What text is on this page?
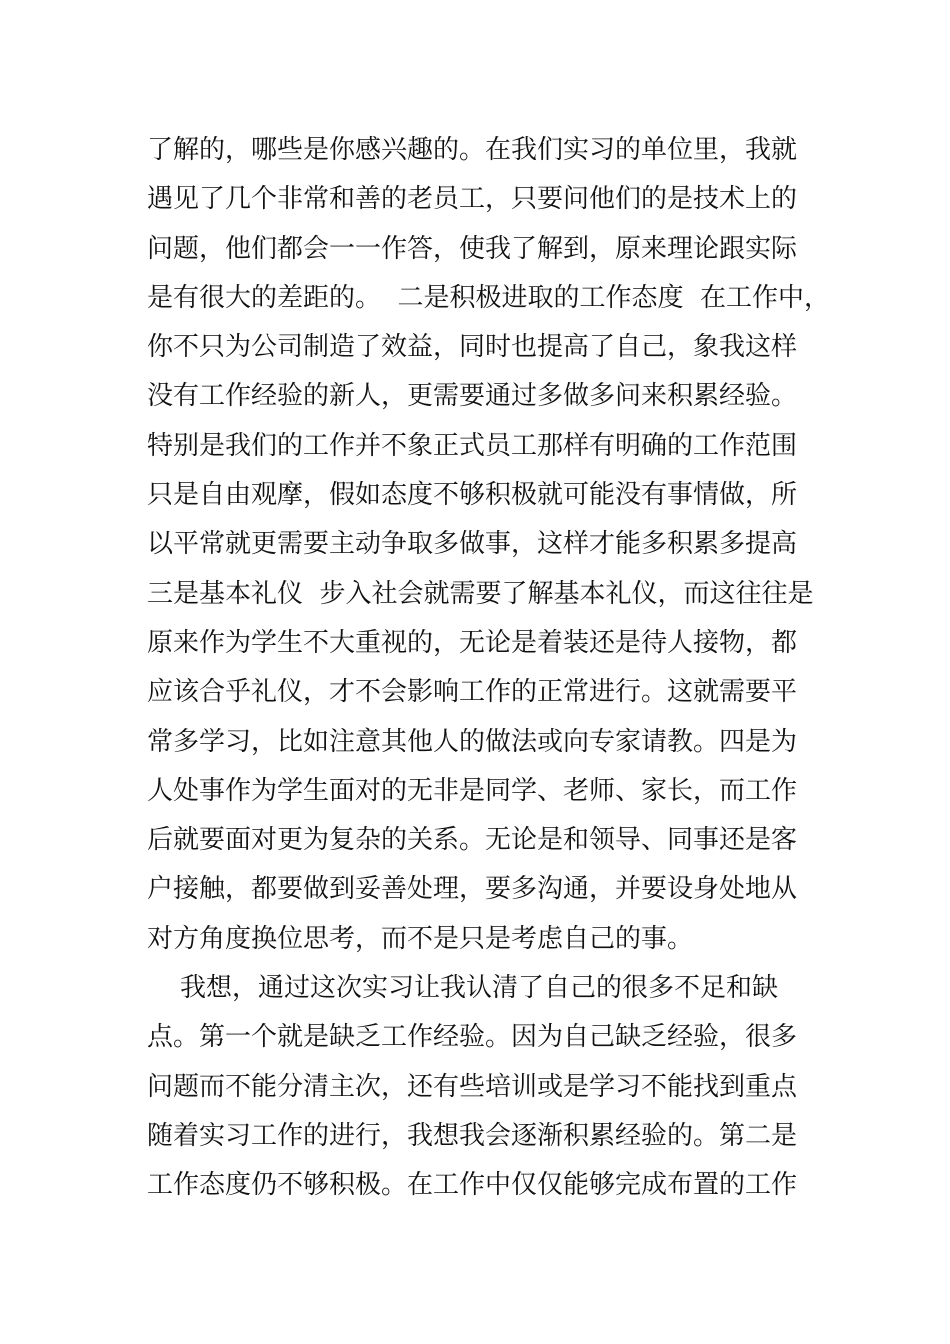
了解的，哪些是你感兴趣的。在我们实习的单位里，我就
遇见了几个非常和善的老员工，只要问他们的是技术上的
问题，他们都会一一作答，使我了解到，原来理论跟实际
是有很大的差距的。  二是积极进取的工作态度  在工作中，
你不只为公司制造了效益，同时也提高了自己，象我这样
没有工作经验的新人，更需要通过多做多问来积累经验。
特别是我们的工作并不象正式员工那样有明确的工作范围
只是自由观摩，假如态度不够积极就可能没有事情做，所
以平常就更需要主动争取多做事，这样才能多积累多提高
三是基本礼仪  步入社会就需要了解基本礼仪，而这往往是
原来作为学生不大重视的，无论是着装还是待人接物，都
应该合乎礼仪，才不会影响工作的正常进行。这就需要平
常多学习，比如注意其他人的做法或向专家请教。四是为
人处事作为学生面对的无非是同学、老师、家长，而工作
后就要面对更为复杂的关系。无论是和领导、同事还是客
户接触，都要做到妥善处理，要多沟通，并要设身处地从
对方角度换位思考，而不是只是考虑自己的事。
我想，通过这次实习让我认清了自己的很多不足和缺
点。第一个就是缺乏工作经验。因为自己缺乏经验，很多
问题而不能分清主次，还有些培训或是学习不能找到重点
随着实习工作的进行，我想我会逐渐积累经验的。第二是
工作态度仍不够积极。在工作中仅仅能够完成布置的工作
